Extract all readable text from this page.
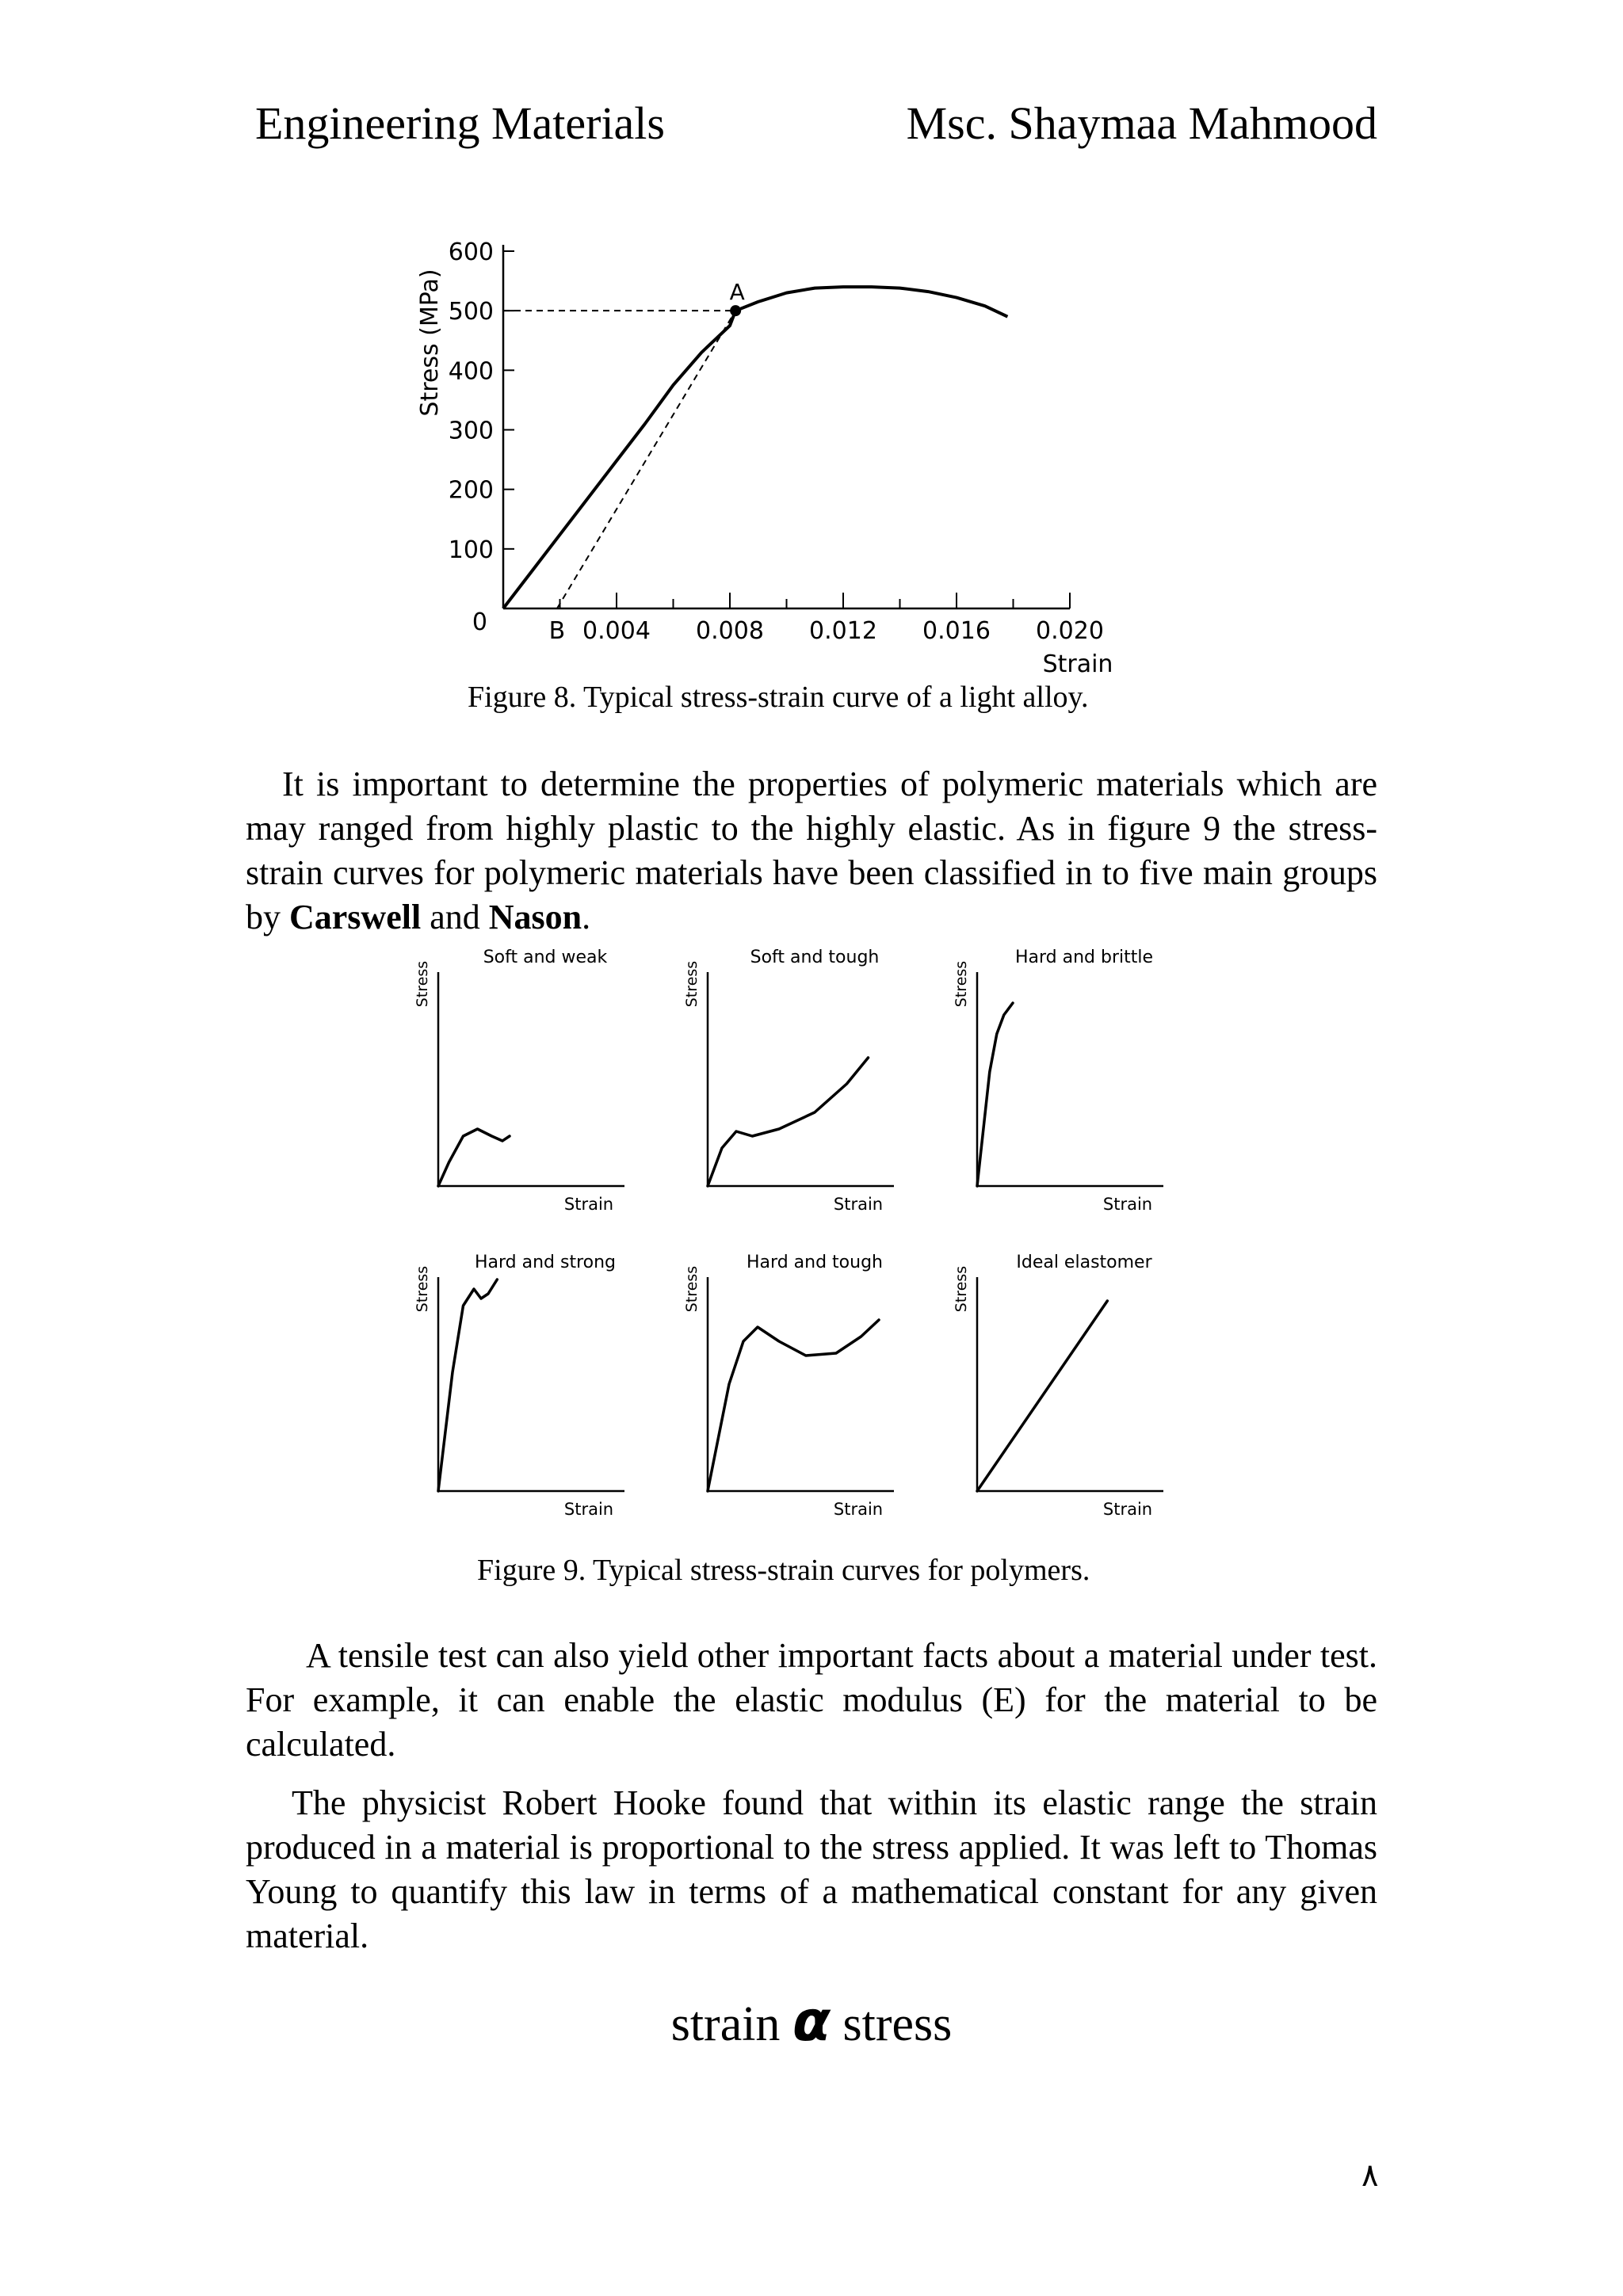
Engineering Materials	Msc. Shaymaa Mahmood
100
200
300
400
500
600
0	0.004 0.008 0.012 0.016 0.020
Strain
Stress (MPa)	A
B
Figure 8. Typical stress-strain curve of a light alloy.
It is important to determine the properties of polymeric materials which are may ranged from highly plastic to the highly elastic. As in figure 9 the stress-strain curves for polymeric materials have been classified in to five main groups by Carswell and Nason.
Soft and weak
Strain
Stress
Soft and tough
Strain
Stress
Hard and brittle
Strain
Stress
Hard and strong
Strain
Stress
Hard and tough
Strain
Stress
Ideal elastomer
Strain
Stress
Figure 9. Typical stress-strain curves for polymers.
A tensile test can also yield other important facts about a material under test. For example, it can enable the elastic modulus (E) for the material to be calculated.
The physicist Robert Hooke found that within its elastic range the strain produced in a material is proportional to the stress applied. It was left to Thomas Young to quantify this law in terms of a mathematical constant for any given material.
strain α stress
٨
